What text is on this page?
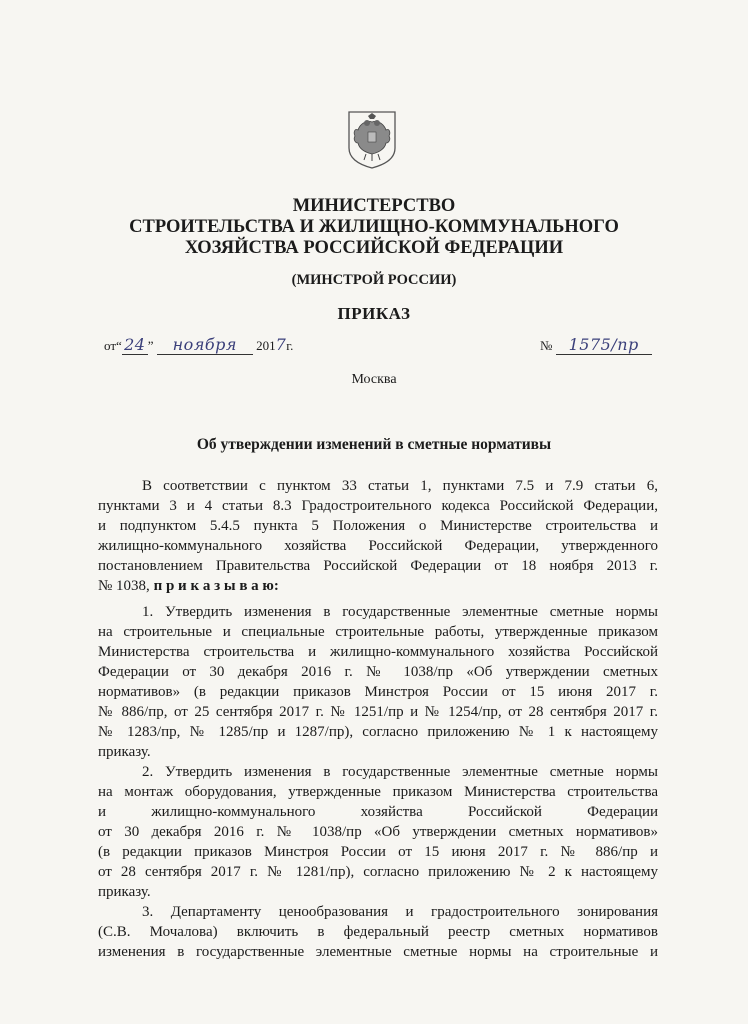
МИНИСТЕРСТВО
СТРОИТЕЛЬСТВА И ЖИЛИЩНО-КОММУНАЛЬНОГО
ХОЗЯЙСТВА РОССИЙСКОЙ ФЕДЕРАЦИИ
(МИНСТРОЙ РОССИИ)
ПРИКАЗ
от“ 24 ” ноября 2017г.	№ 1575/пр
Москва
Об утверждении изменений в сметные нормативы
В соответствии с пунктом 33 статьи 1, пунктами 7.5 и 7.9 статьи 6,
пунктами 3 и 4 статьи 8.3 Градостроительного кодекса Российской Федерации,
и подпунктом 5.4.5 пункта 5 Положения о Министерстве строительства и
жилищно-коммунального хозяйства Российской Федерации, утвержденного
постановлением Правительства Российской Федерации от 18 ноября 2013 г.
№ 1038, п р и к а з ы в а ю:
1. Утвердить изменения в государственные элементные сметные нормы
на строительные и специальные строительные работы, утвержденные приказом
Министерства строительства и жилищно-коммунального хозяйства Российской
Федерации от 30 декабря 2016 г. № 1038/пр «Об утверждении сметных
нормативов» (в редакции приказов Минстроя России от 15 июня 2017 г.
№ 886/пр, от 25 сентября 2017 г. № 1251/пр и № 1254/пр, от 28 сентября 2017 г.
№ 1283/пр, № 1285/пр и 1287/пр), согласно приложению № 1 к настоящему
приказу.
2. Утвердить изменения в государственные элементные сметные нормы
на монтаж оборудования, утвержденные приказом Министерства строительства
и жилищно-коммунального хозяйства Российской Федерации
от 30 декабря 2016 г. № 1038/пр «Об утверждении сметных нормативов»
(в редакции приказов Минстроя России от 15 июня 2017 г. № 886/пр и
от 28 сентября 2017 г. № 1281/пр), согласно приложению № 2 к настоящему
приказу.
3. Департаменту ценообразования и градостроительного зонирования
(С.В. Мочалова) включить в федеральный реестр сметных нормативов
изменения в государственные элементные сметные нормы на строительные и
